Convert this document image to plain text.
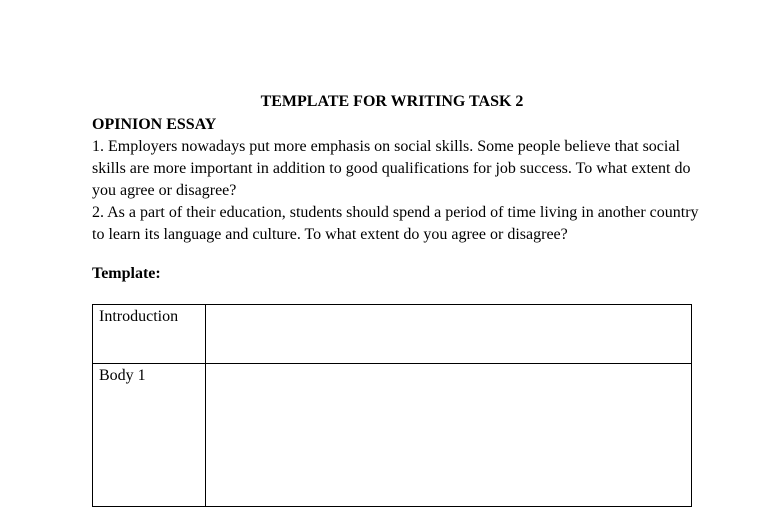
TEMPLATE FOR WRITING TASK 2
OPINION ESSAY

1. Employers nowadays put more emphasis on social skills. Some people believe that social skills are more important in addition to good qualifications for job success. To what extent do you agree or disagree?

2. As a part of their education, students should spend a period of time living in another country to learn its language and culture. To what extent do you agree or disagree?

Template:
Introduction	
Body 1	
